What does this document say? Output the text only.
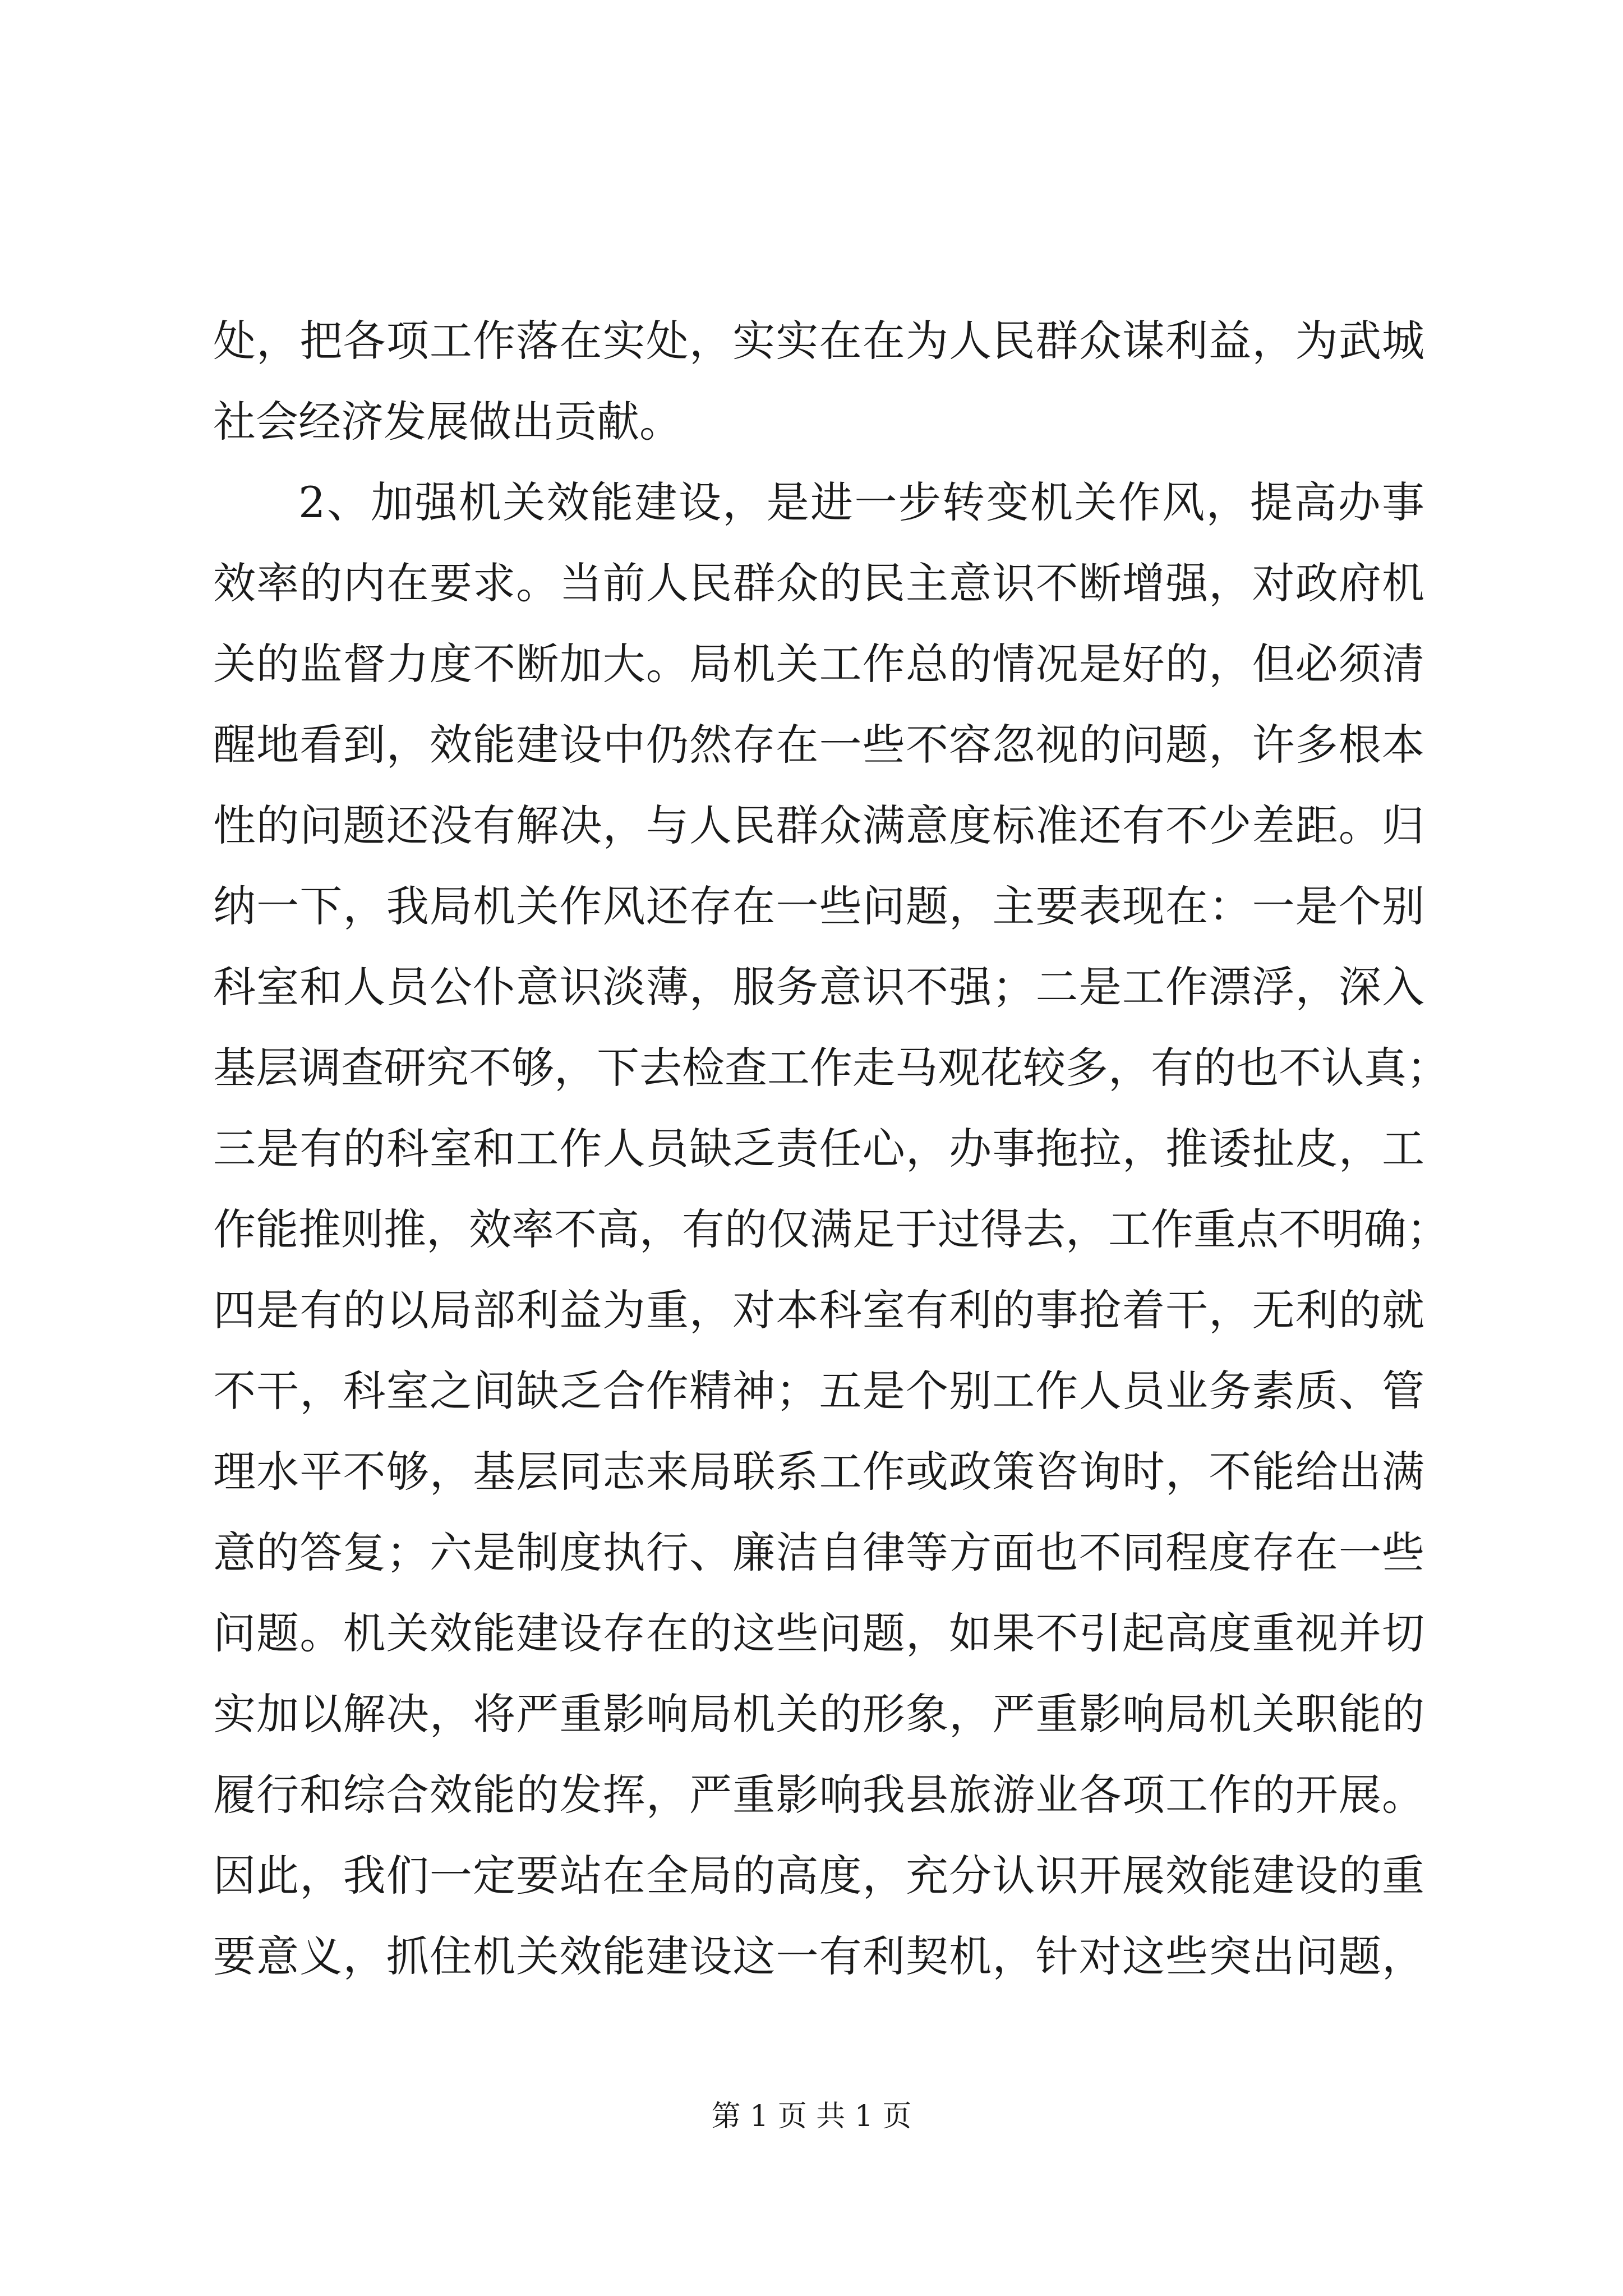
处，把各项工作落在实处，实实在在为人民群众谋利益，为武城
社会经济发展做出贡献。
2、加强机关效能建设，是进一步转变机关作风，提高办事
效率的内在要求。当前人民群众的民主意识不断增强，对政府机
关的监督力度不断加大。局机关工作总的情况是好的，但必须清
醒地看到，效能建设中仍然存在一些不容忽视的问题，许多根本
性的问题还没有解决，与人民群众满意度标准还有不少差距。归
纳一下，我局机关作风还存在一些问题，主要表现在：一是个别
科室和人员公仆意识淡薄，服务意识不强；二是工作漂浮，深入
基层调查研究不够，下去检查工作走马观花较多，有的也不认真；
三是有的科室和工作人员缺乏责任心，办事拖拉，推诿扯皮，工
作能推则推，效率不高，有的仅满足于过得去，工作重点不明确；
四是有的以局部利益为重，对本科室有利的事抢着干，无利的就
不干，科室之间缺乏合作精神；五是个别工作人员业务素质、管
理水平不够，基层同志来局联系工作或政策咨询时，不能给出满
意的答复；六是制度执行、廉洁自律等方面也不同程度存在一些
问题。机关效能建设存在的这些问题，如果不引起高度重视并切
实加以解决，将严重影响局机关的形象，严重影响局机关职能的
履行和综合效能的发挥，严重影响我县旅游业各项工作的开展。
因此，我们一定要站在全局的高度，充分认识开展效能建设的重
要意义，抓住机关效能建设这一有利契机，针对这些突出问题，
第 1 页 共 1 页
